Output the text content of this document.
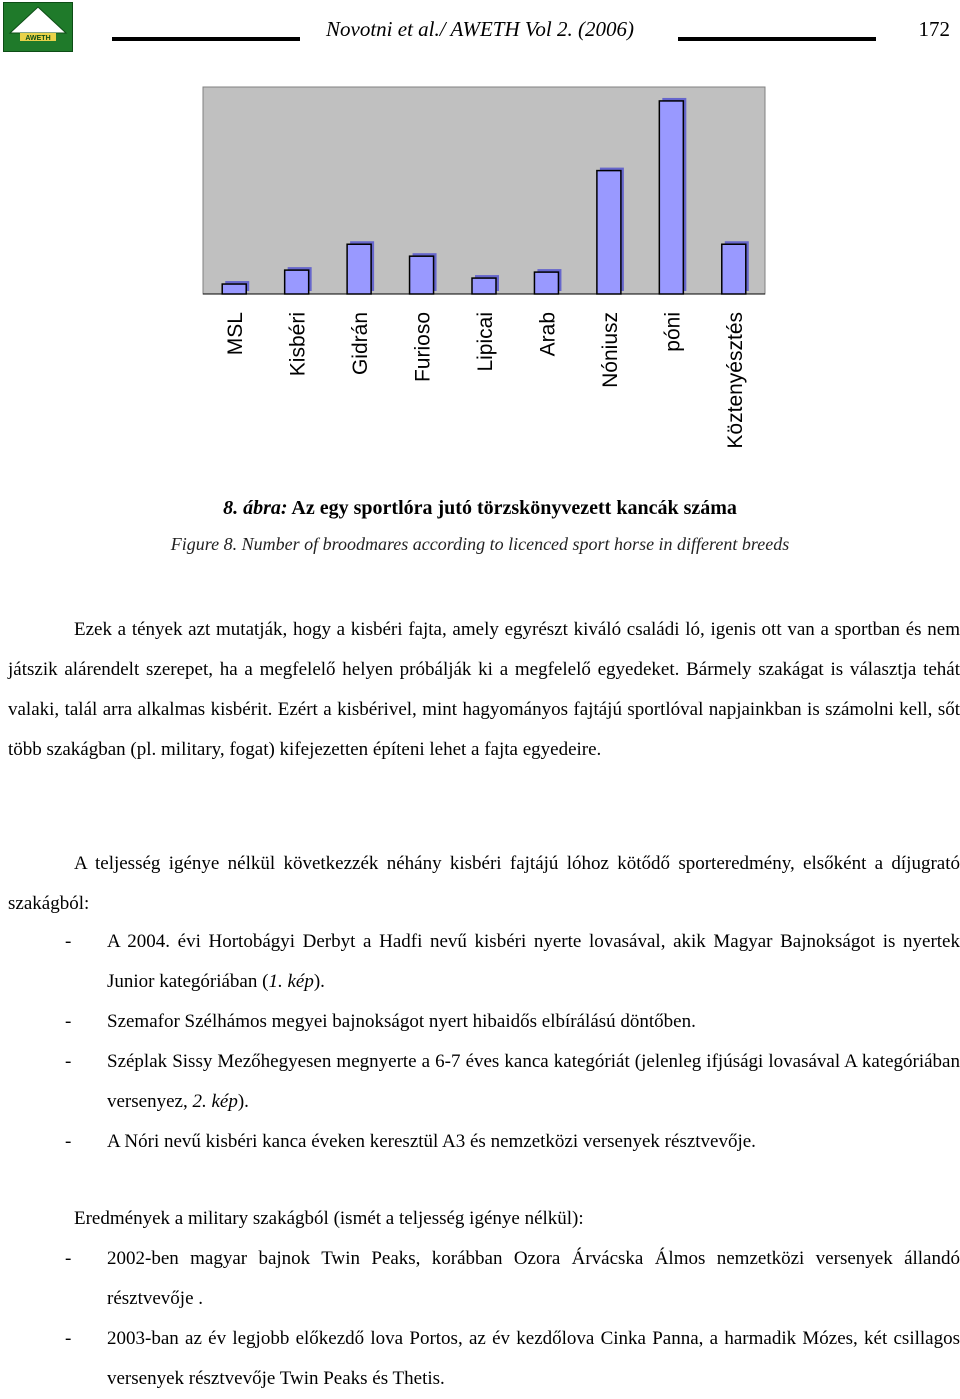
AWETH	Novotni et al./ AWETH Vol 2. (2006)	172
MSL Kisbéri Gidrán Furioso Lipicai Arab Nóniusz póni Köztenyésztés
8. ábra: Az egy sportlóra jutó törzskönyvezett kancák száma
Figure 8. Number of broodmares according to licenced sport horse in different breeds
Ezek a tények azt mutatják, hogy a kisbéri fajta, amely egyrészt kiváló családi ló, igenis ott van a sportban és nem játszik alárendelt szerepet, ha a megfelelő helyen próbálják ki a megfelelő egyedeket. Bármely szakágat is választja tehát valaki, talál arra alkalmas kisbérit. Ezért a kisbérivel, mint hagyományos fajtájú sportlóval napjainkban is számolni kell, sőt több szakágban (pl. military, fogat) kifejezetten építeni lehet a fajta egyedeire.
A teljesség igénye nélkül következzék néhány kisbéri fajtájú lóhoz kötődő sporteredmény, elsőként a díjugrató szakágból:
- A 2004. évi Hortobágyi Derbyt a Hadfi nevű kisbéri nyerte lovasával, akik Magyar Bajnokságot is nyertek Junior kategóriában (1. kép).
- Szemafor Szélhámos megyei bajnokságot nyert hibaidős elbírálású döntőben.
- Széplak Sissy Mezőhegyesen megnyerte a 6-7 éves kanca kategóriát (jelenleg ifjúsági lovasával A kategóriában versenyez, 2. kép).
- A Nóri nevű kisbéri kanca éveken keresztül A3 és nemzetközi versenyek résztvevője.
Eredmények a military szakágból (ismét a teljesség igénye nélkül):
- 2002-ben magyar bajnok Twin Peaks, korábban Ozora Árvácska Álmos nemzetközi versenyek állandó résztvevője .
- 2003-ban az év legjobb előkezdő lova Portos, az év kezdőlova Cinka Panna, a harmadik Mózes, két csillagos versenyek résztvevője Twin Peaks és Thetis.
